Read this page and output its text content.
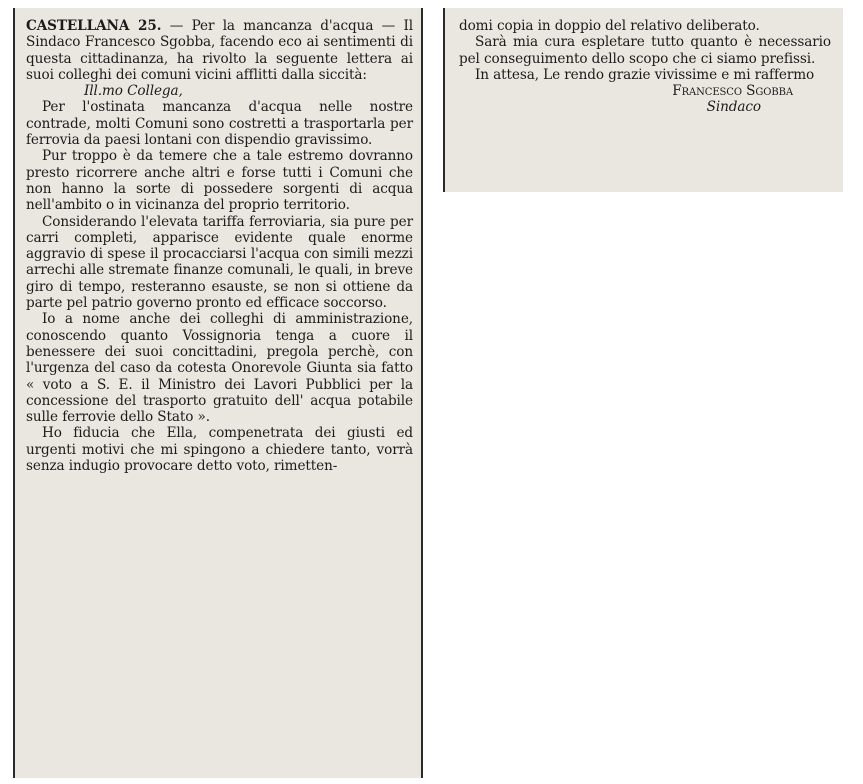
CASTELLANA 25. — Per la mancanza d'acqua — Il Sindaco Francesco Sgobba, facendo eco ai sentimenti di questa cittadinanza, ha rivolto la seguente lettera ai suoi colleghi dei comuni vicini afflitti dalla siccità:

Ill.mo Collega,

Per l'ostinata mancanza d'acqua nelle nostre contrade, molti Comuni sono costretti a trasportarla per ferrovia da paesi lontani con dispendio gravissimo.

Pur troppo è da temere che a tale estremo dovranno presto ricorrere anche altri e forse tutti i Comuni che non hanno la sorte di possedere sorgenti di acqua nell'ambito o in vicinanza del proprio territorio.

Considerando l'elevata tariffa ferroviaria, sia pure per carri completi, apparisce evidente quale enorme aggravio di spese il procacciarsi l'acqua con simili mezzi arrechi alle stremate finanze comunali, le quali, in breve giro di tempo, resteranno esauste, se non si ottiene da parte pel patrio governo pronto ed efficace soccorso.

Io a nome anche dei colleghi di amministrazione, conoscendo quanto Vossignoria tenga a cuore il benessere dei suoi concittadini, pregola perchè, con l'urgenza del caso da cotesta Onorevole Giunta sia fatto « voto a S. E. il Ministro dei Lavori Pubblici per la concessione del trasporto gratuito dell' acqua potabile sulle ferrovie dello Stato ».

Ho fiducia che Ella, compenetrata dei giusti ed urgenti motivi che mi spingono a chiedere tanto, vorrà senza indugio provocare detto voto, rimetten-

domi copia in doppio del relativo deliberato.

Sarà mia cura espletare tutto quanto è necessario pel conseguimento dello scopo che ci siamo prefissi.

In attesa, Le rendo grazie vivissime e mi raffermo

Francesco Sgobba

Sindaco
